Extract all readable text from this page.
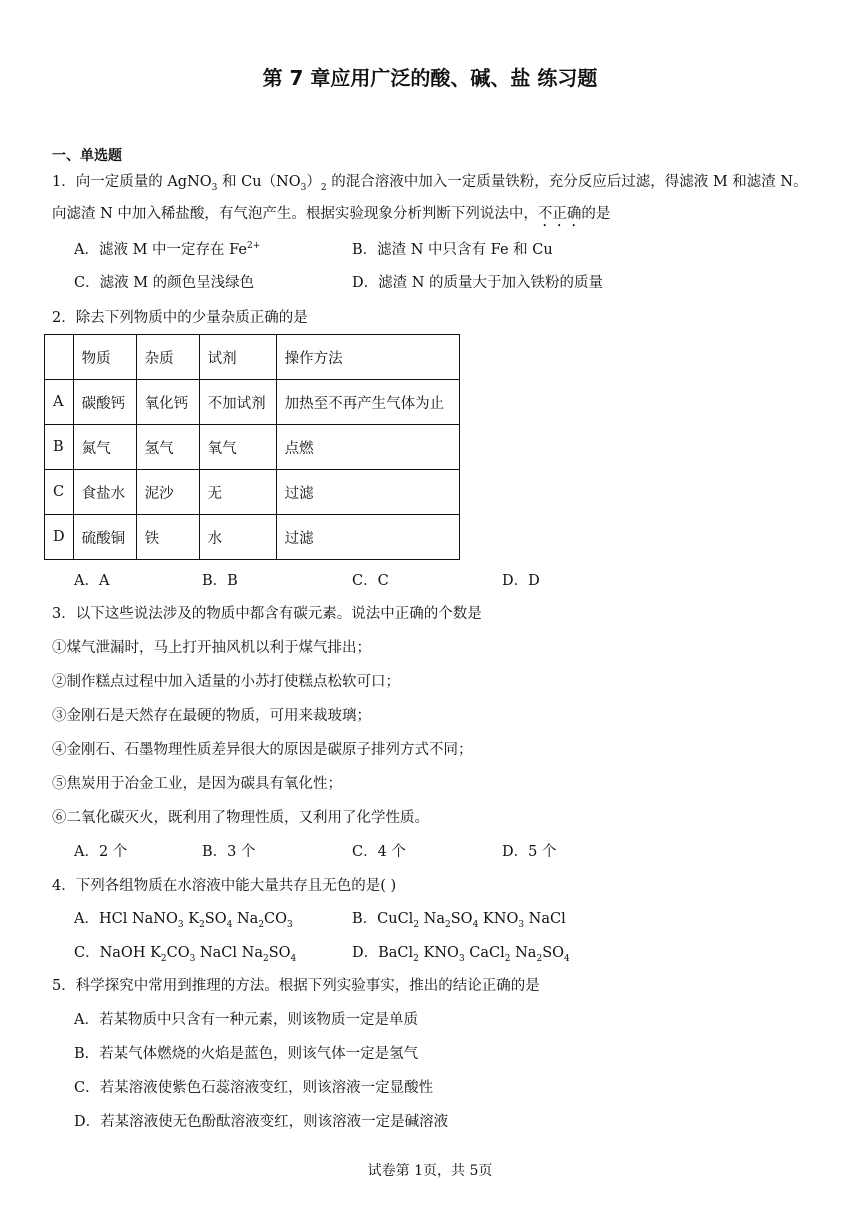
第 7 章应用广泛的酸、碱、盐 练习题
一、单选题
1．向一定质量的 AgNO$_3$ 和 $Cu(NO_3)_2$ 的混合溶液中加入一定质量铁粉，充分反应后过滤，得滤液 M 和滤渣 N。
向滤渣 N 中加入稀盐酸，有气泡产生。根据实验现象分析判断下列说法中，不正确的是
A．滤液 M 中一定存在 $Fe^{2+}$	B．滤渣 N 中只含有 Fe 和 Cu
C．滤液 M 的颜色呈浅绿色	D．滤渣 N 的质量大于加入铁粉的质量
2．除去下列物质中的少量杂质正确的是
	物质	杂质	试剂	操作方法
A	碳酸钙	氧化钙	不加试剂	加热至不再产生气体为止
B	氮气	氢气	氧气	点燃
C	食盐水	泥沙	无	过滤
D	硫酸铜	铁	水	过滤
A．A	B．B	C．C	D．D
3．以下这些说法涉及的物质中都含有碳元素。说法中正确的个数是
①煤气泄漏时，马上打开抽风机以利于煤气排出；
②制作糕点过程中加入适量的小苏打使糕点松软可口；
③金刚石是天然存在最硬的物质，可用来裁玻璃；
④金刚石、石墨物理性质差异很大的原因是碳原子排列方式不同；
⑤焦炭用于冶金工业，是因为碳具有氧化性；
⑥二氧化碳灭火，既利用了物理性质，又利用了化学性质。
A．2 个	B．3 个	C．4 个	D．5 个
4．下列各组物质在水溶液中能大量共存且无色的是( )
A．HCl NaNO$_3$ $K_2SO_4$ $Na_2CO_3$	B．CuCl$_2$ $Na_2SO_4$ $KNO_3$ NaCl
C．NaOH $K_2CO_3$ NaCl $Na_2SO_4$	D．BaCl$_2$ $KNO_3$ CaCl$_2$ $Na_2SO_4$
5．科学探究中常用到推理的方法。根据下列实验事实，推出的结论正确的是
A．若某物质中只含有一种元素，则该物质一定是单质
B．若某气体燃烧的火焰是蓝色，则该气体一定是氢气
C．若某溶液使紫色石蕊溶液变红，则该溶液一定显酸性
D．若某溶液使无色酚酞溶液变红，则该溶液一定是碱溶液
试卷第 1页，共 5页
